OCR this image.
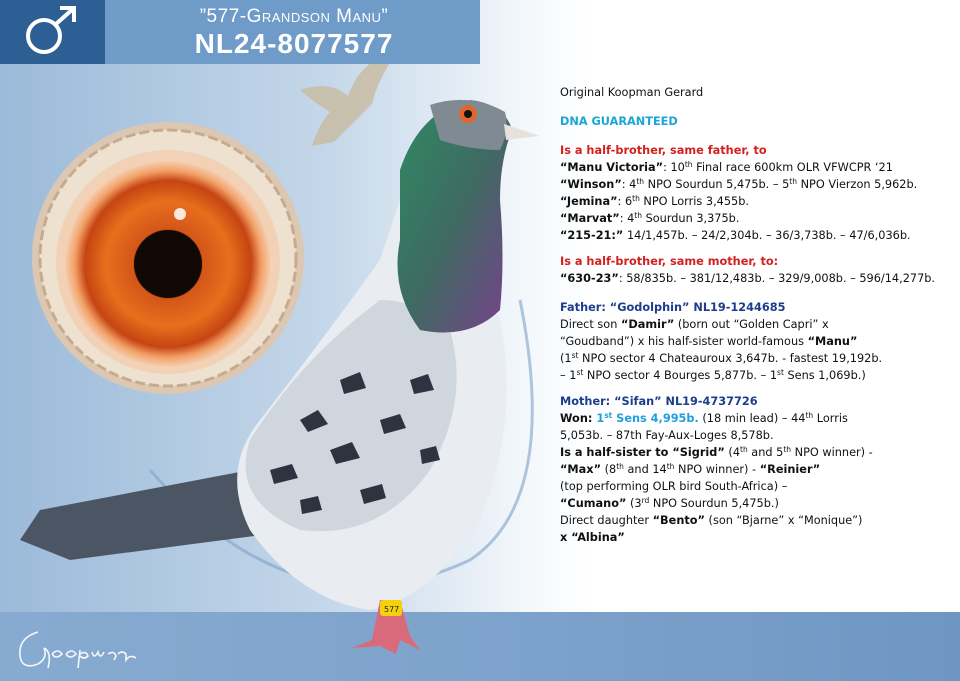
577
”577-Grandson Manu”
NL24-8077577

Original Koopman Gerard

DNA GUARANTEED

Is a half-brother, same father, to

“Manu Victoria”: 10th Final race 600km OLR VFWCPR ‘21

“Winson”: 4th NPO Sourdun 5,475b. – 5th NPO Vierzon 5,962b.

“Jemina”: 6th NPO Lorris 3,455b.

“Marvat”: 4th Sourdun 3,375b.

“215-21:” 14/1,457b. – 24/2,304b. – 36/3,738b. – 47/6,036b.

Is a half-brother, same mother, to:

“630-23”: 58/835b. – 381/12,483b. – 329/9,008b. – 596/14,277b.

Father: “Godolphin” NL19-1244685

Direct son “Damir” (born out “Golden Capri” x

“Goudband”) x his half-sister world-famous “Manu”

(1st NPO sector 4 Chateauroux 3,647b. - fastest 19,192b.

– 1st NPO sector 4 Bourges 5,877b. – 1st Sens 1,069b.)

Mother: “Sifan” NL19-4737726

Won: 1st Sens 4,995b. (18 min lead) – 44th Lorris

5,053b. – 87th Fay-Aux-Loges 8,578b.

Is a half-sister to “Sigrid” (4th and 5th NPO winner) -

“Max” (8th and 14th NPO winner) - “Reinier”

(top performing OLR bird South-Africa) –

“Cumano” (3rd NPO Sourdun 5,475b.)

Direct daughter “Bento” (son “Bjarne” x “Monique”)

x “Albina”
